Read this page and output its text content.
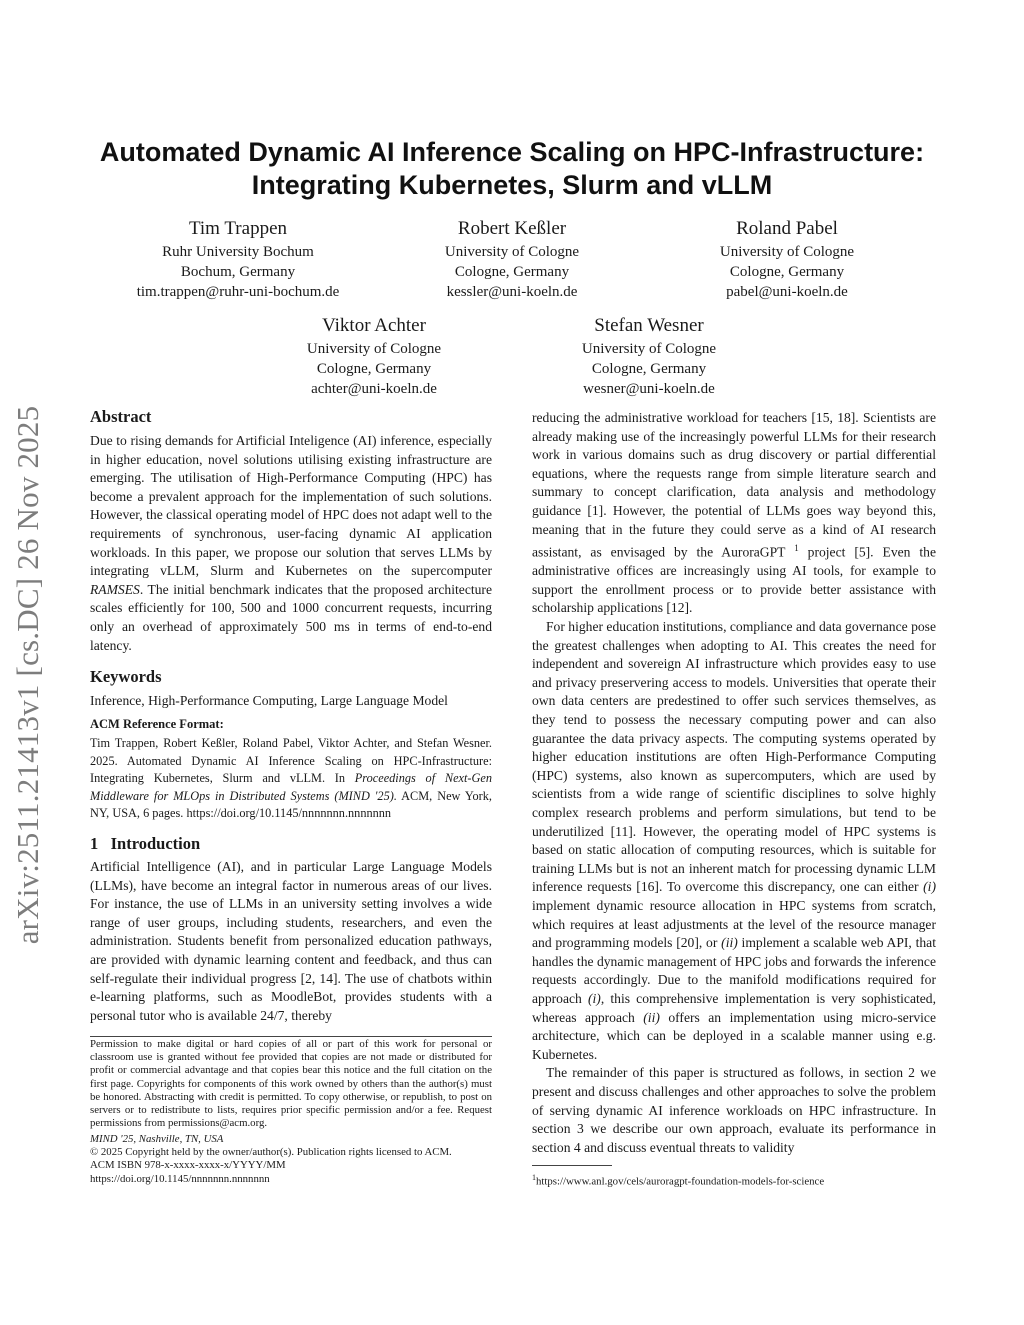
arXiv:2511.21413v1 [cs.DC] 26 Nov 2025
Automated Dynamic AI Inference Scaling on HPC-Infrastructure: Integrating Kubernetes, Slurm and vLLM
Tim Trappen
Ruhr University Bochum
Bochum, Germany
tim.trappen@ruhr-uni-bochum.de
Robert Keßler
University of Cologne
Cologne, Germany
kessler@uni-koeln.de
Roland Pabel
University of Cologne
Cologne, Germany
pabel@uni-koeln.de
Viktor Achter
University of Cologne
Cologne, Germany
achter@uni-koeln.de
Stefan Wesner
University of Cologne
Cologne, Germany
wesner@uni-koeln.de
Abstract

Due to rising demands for Artificial Inteligence (AI) inference, especially in higher education, novel solutions utilising existing infrastructure are emerging. The utilisation of High-Performance Computing (HPC) has become a prevalent approach for the implementation of such solutions. However, the classical operating model of HPC does not adapt well to the requirements of synchronous, user-facing dynamic AI application workloads. In this paper, we propose our solution that serves LLMs by integrating vLLM, Slurm and Kubernetes on the supercomputer RAMSES. The initial benchmark indicates that the proposed architecture scales efficiently for 100, 500 and 1000 concurrent requests, incurring only an overhead of approximately 500 ms in terms of end-to-end latency.

Keywords
Inference, High-Performance Computing, Large Language Model
ACM Reference Format:

Tim Trappen, Robert Keßler, Roland Pabel, Viktor Achter, and Stefan Wesner. 2025. Automated Dynamic AI Inference Scaling on HPC-Infrastructure: Integrating Kubernetes, Slurm and vLLM. In Proceedings of Next-Gen Middleware for MLOps in Distributed Systems (MIND '25). ACM, New York, NY, USA, 6 pages. https://doi.org/10.1145/nnnnnnn.nnnnnnn

1 Introduction
Artificial Intelligence (AI), and in particular Large Language Models (LLMs), have become an integral factor in numerous areas of our lives. For instance, the use of LLMs in an university setting involves a wide range of user groups, including students, researchers, and even the administration. Students benefit from personalized education pathways, are provided with dynamic learning content and feedback, and thus can self-regulate their individual progress [2, 14]. The use of chatbots within e-learning platforms, such as MoodleBot, provides students with a personal tutor who is available 24/7, thereby
Permission to make digital or hard copies of all or part of this work for personal or classroom use is granted without fee provided that copies are not made or distributed for profit or commercial advantage and that copies bear this notice and the full citation on the first page. Copyrights for components of this work owned by others than the author(s) must be honored. Abstracting with credit is permitted. To copy otherwise, or republish, to post on servers or to redistribute to lists, requires prior specific permission and/or a fee. Request permissions from permissions@acm.org.
MIND '25, Nashville, TN, USA
© 2025 Copyright held by the owner/author(s). Publication rights licensed to ACM.
ACM ISBN 978-x-xxxx-xxxx-x/YYYY/MM
https://doi.org/10.1145/nnnnnnn.nnnnnnn

reducing the administrative workload for teachers [15, 18]. Scientists are already making use of the increasingly powerful LLMs for their research work in various domains such as drug discovery or partial differential equations, where the requests range from simple literature search and summary to concept clarification, data analysis and methodology guidance [1]. However, the potential of LLMs goes way beyond this, meaning that in the future they could serve as a kind of AI research assistant, as envisaged by the AuroraGPT $^1$ project [5]. Even the administrative offices are increasingly using AI tools, for example to support the enrollment process or to provide better assistance with scholarship applications [12].

For higher education institutions, compliance and data governance pose the greatest challenges when adopting to AI. This creates the need for independent and sovereign AI infrastructure which provides easy to use and privacy preservering access to models. Universities that operate their own data centers are predestined to offer such services themselves, as they tend to possess the necessary computing power and can also guarantee the data privacy aspects. The computing systems operated by higher education institutions are often High-Performance Computing (HPC) systems, also known as supercomputers, which are used by scientists from a wide range of scientific disciplines to solve highly complex research problems and perform simulations, but tend to be underutilized [11]. However, the operating model of HPC systems is based on static allocation of computing resources, which is suitable for training LLMs but is not an inherent match for processing dynamic LLM inference requests [16]. To overcome this discrepancy, one can either (i) implement dynamic resource allocation in HPC systems from scratch, which requires at least adjustments at the level of the resource manager and programming models [20], or (ii) implement a scalable web API, that handles the dynamic management of HPC jobs and forwards the inference requests accordingly. Due to the manifold modifications required for approach (i), this comprehensive implementation is very sophisticated, whereas approach (ii) offers an implementation using micro-service architecture, which can be deployed in a scalable manner using e.g. Kubernetes.

The remainder of this paper is structured as follows, in section 2 we present and discuss challenges and other approaches to solve the problem of serving dynamic AI inference workloads on HPC infrastructure. In section 3 we describe our own approach, evaluate its performance in section 4 and discuss eventual threats to validity

$^1$https://www.anl.gov/cels/auroragpt-foundation-models-for-science
